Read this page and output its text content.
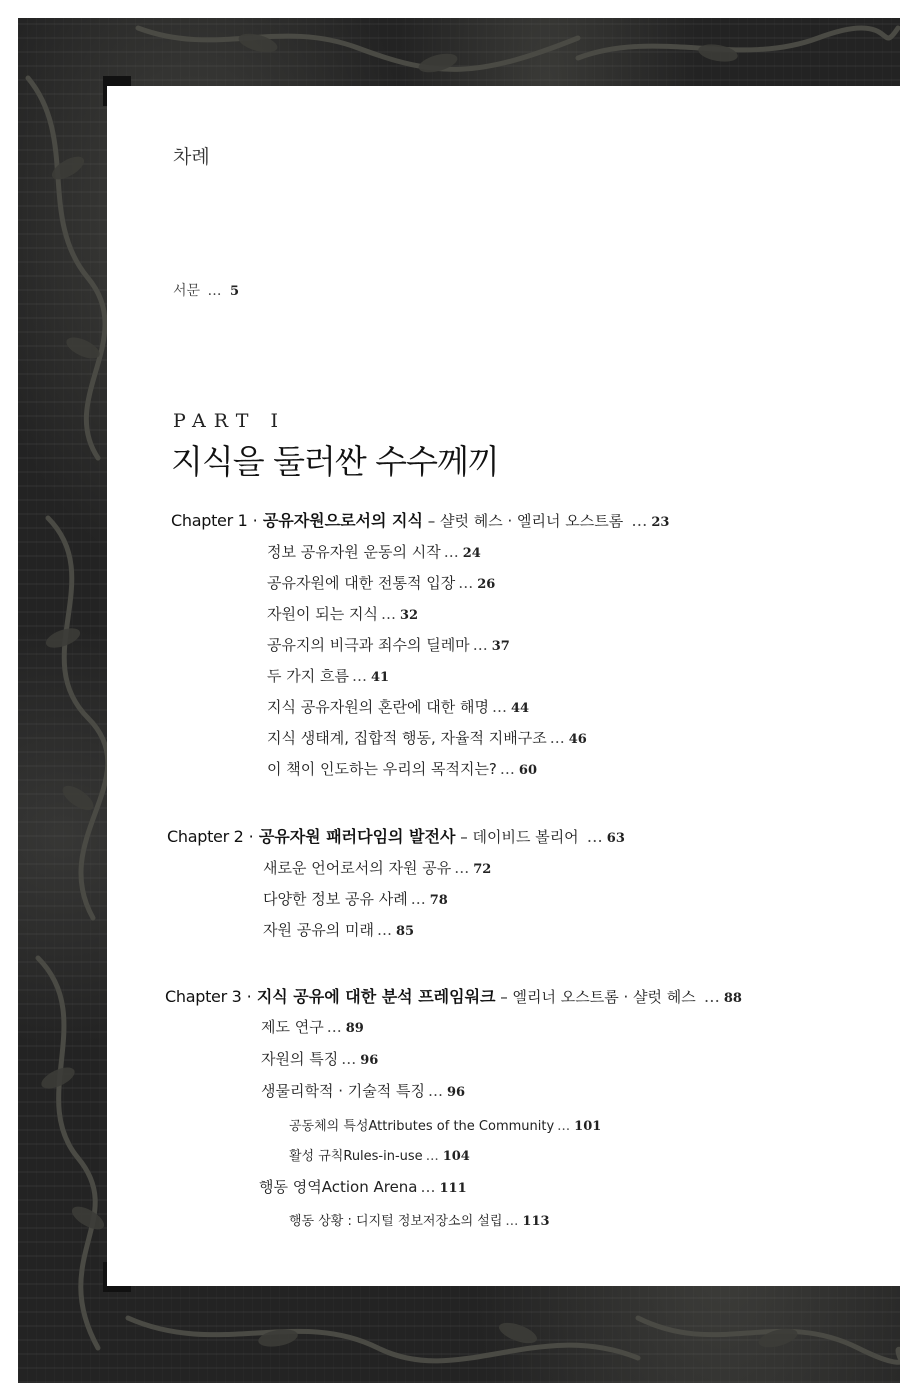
차례
서문 … 5
PART I
지식을 둘러싼 수수께끼
Chapter 1 · 공유자원으로서의 지식 – 샬럿 헤스 · 엘리너 오스트롬 … 23
정보 공유자원 운동의 시작 … 24
공유자원에 대한 전통적 입장 … 26
자원이 되는 지식 … 32
공유지의 비극과 죄수의 딜레마 … 37
두 가지 흐름 … 41
지식 공유자원의 혼란에 대한 해명 … 44
지식 생태계, 집합적 행동, 자율적 지배구조 … 46
이 책이 인도하는 우리의 목적지는? … 60
Chapter 2 · 공유자원 패러다임의 발전사 – 데이비드 볼리어 … 63
새로운 언어로서의 자원 공유 … 72
다양한 정보 공유 사례 … 78
자원 공유의 미래 … 85
Chapter 3 · 지식 공유에 대한 분석 프레임워크 – 엘리너 오스트롬 · 샬럿 헤스 … 88
제도 연구 … 89
자원의 특징 … 96
생물리학적 · 기술적 특징 … 96
공동체의 특성Attributes of the Community … 101
활성 규칙Rules-in-use … 104
행동 영역Action Arena … 111
행동 상황 : 디지털 정보저장소의 설립 … 113
